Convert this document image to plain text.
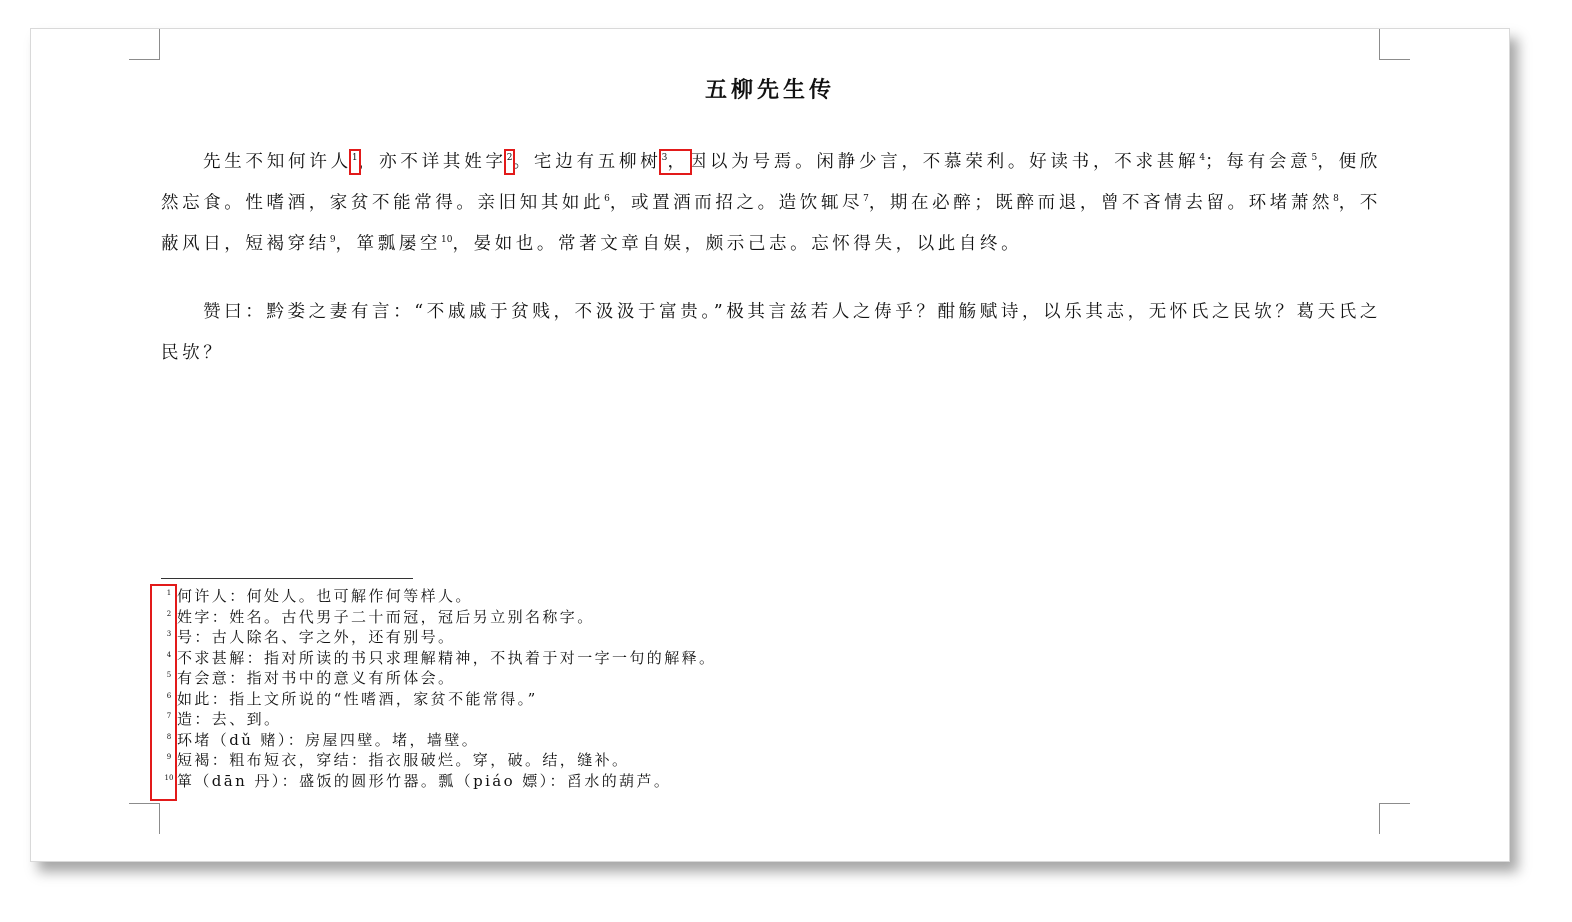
五柳先生传
先生不知何许人$^1$，亦不详其姓字$^2$。宅边有五柳树$^3$，因以为号焉。闲静少言，不慕荣利。好读书，不求甚解$^4$；每有会意$^5$，便欣然忘食。性嗜酒，家贫不能常得。亲旧知其如此$^6$，或置酒而招之。造饮辄尽$^7$，期在必醉；既醉而退，曾不吝情去留。环堵萧然$^8$，不蔽风日，短褐穿结$^9$，箪瓢屡空$^{10}$，晏如也。常著文章自娱，颇示己志。忘怀得失，以此自终。
赞曰：黔娄之妻有言：“不戚戚于贫贱，不汲汲于富贵。”极其言兹若人之俦乎？酣觞赋诗，以乐其志，无怀氏之民欤？葛天氏之民欤？
1 何许人：何处人。也可解作何等样人。
2 姓字：姓名。古代男子二十而冠，冠后另立别名称字。
3 号：古人除名、字之外，还有别号。
4 不求甚解：指对所读的书只求理解精神，不执着于对一字一句的解释。
5 有会意：指对书中的意义有所体会。
6 如此：指上文所说的“性嗜酒，家贫不能常得。”
7 造：去、到。
8 环堵（dǔ 赌）：房屋四壁。堵，墙壁。
9 短褐：粗布短衣，穿结：指衣服破烂。穿，破。结，缝补。
10 箪（dān 丹）：盛饭的圆形竹器。瓢（piáo 嫖）：舀水的葫芦。
